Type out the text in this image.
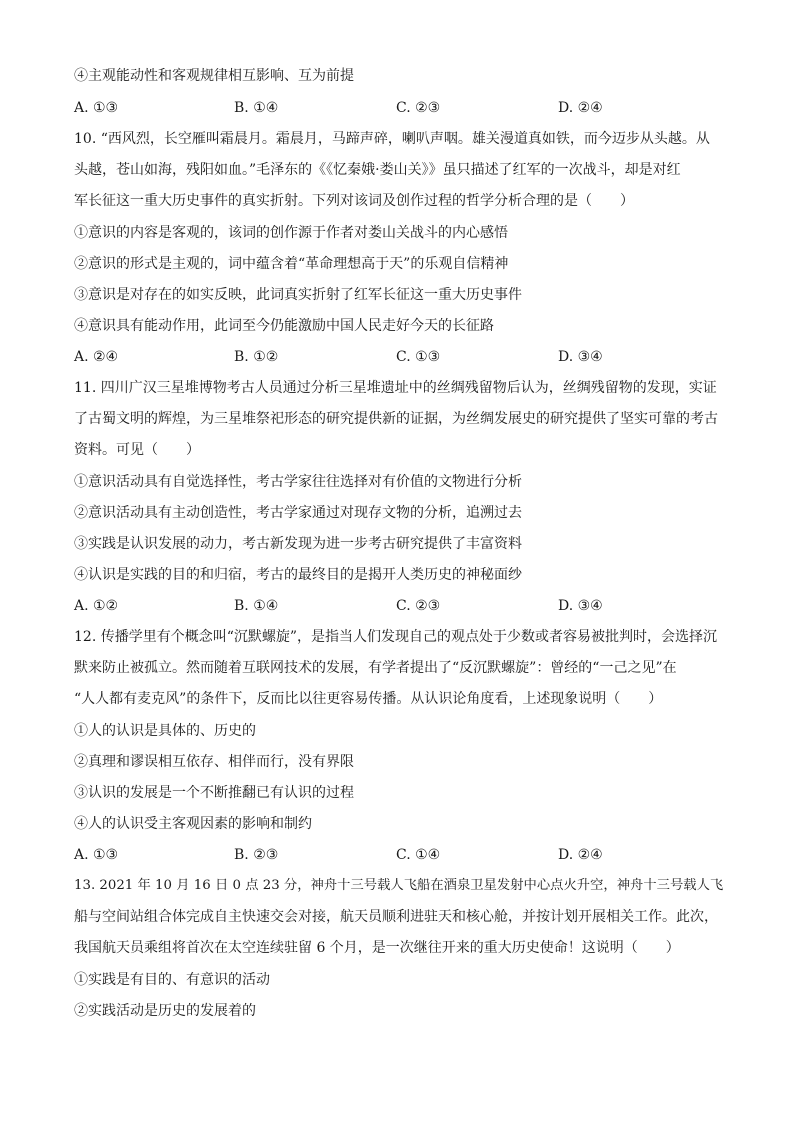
④主观能动性和客观规律相互影响、互为前提
A. ①③	B. ①④	C. ②③	D. ②④
10. “西风烈，长空雁叫霜晨月。霜晨月，马蹄声碎，喇叭声咽。雄关漫道真如铁，而今迈步从头越。从
头越，苍山如海，残阳如血。”毛泽东的《《忆秦娥·娄山关》》虽只描述了红军的一次战斗，却是对红
军长征这一重大历史事件的真实折射。下列对该词及创作过程的哲学分析合理的是（　　）
①意识的内容是客观的，该词的创作源于作者对娄山关战斗的内心感悟
②意识的形式是主观的，词中蕴含着“革命理想高于天”的乐观自信精神
③意识是对存在的如实反映，此词真实折射了红军长征这一重大历史事件
④意识具有能动作用，此词至今仍能激励中国人民走好今天的长征路
A. ②④	B. ①②	C. ①③	D. ③④
11. 四川广汉三星堆博物考古人员通过分析三星堆遗址中的丝绸残留物后认为，丝绸残留物的发现，实证
了古蜀文明的辉煌，为三星堆祭祀形态的研究提供新的证据，为丝绸发展史的研究提供了坚实可靠的考古
资料。可见（　　）
①意识活动具有自觉选择性，考古学家往往选择对有价值的文物进行分析
②意识活动具有主动创造性，考古学家通过对现存文物的分析，追溯过去
③实践是认识发展的动力，考古新发现为进一步考古研究提供了丰富资料
④认识是实践的目的和归宿，考古的最终目的是揭开人类历史的神秘面纱
A. ①②	B. ①④	C. ②③	D. ③④
12. 传播学里有个概念叫“沉默螺旋”，是指当人们发现自己的观点处于少数或者容易被批判时，会选择沉
默来防止被孤立。然而随着互联网技术的发展，有学者提出了“反沉默螺旋”：曾经的“一己之见”在
“人人都有麦克风”的条件下，反而比以往更容易传播。从认识论角度看，上述现象说明（　　）
①人的认识是具体的、历史的
②真理和谬误相互依存、相伴而行，没有界限
③认识的发展是一个不断推翻已有认识的过程
④人的认识受主客观因素的影响和制约
A. ①③	B. ②③	C. ①④	D. ②④
13. 2021 年 10 月 16 日 0 点 23 分，神舟十三号载人飞船在酒泉卫星发射中心点火升空，神舟十三号载人飞
船与空间站组合体完成自主快速交会对接，航天员顺利进驻天和核心舱，并按计划开展相关工作。此次，
我国航天员乘组将首次在太空连续驻留 6 个月，是一次继往开来的重大历史使命！这说明（　　）
①实践是有目的、有意识的活动
②实践活动是历史的发展着的
